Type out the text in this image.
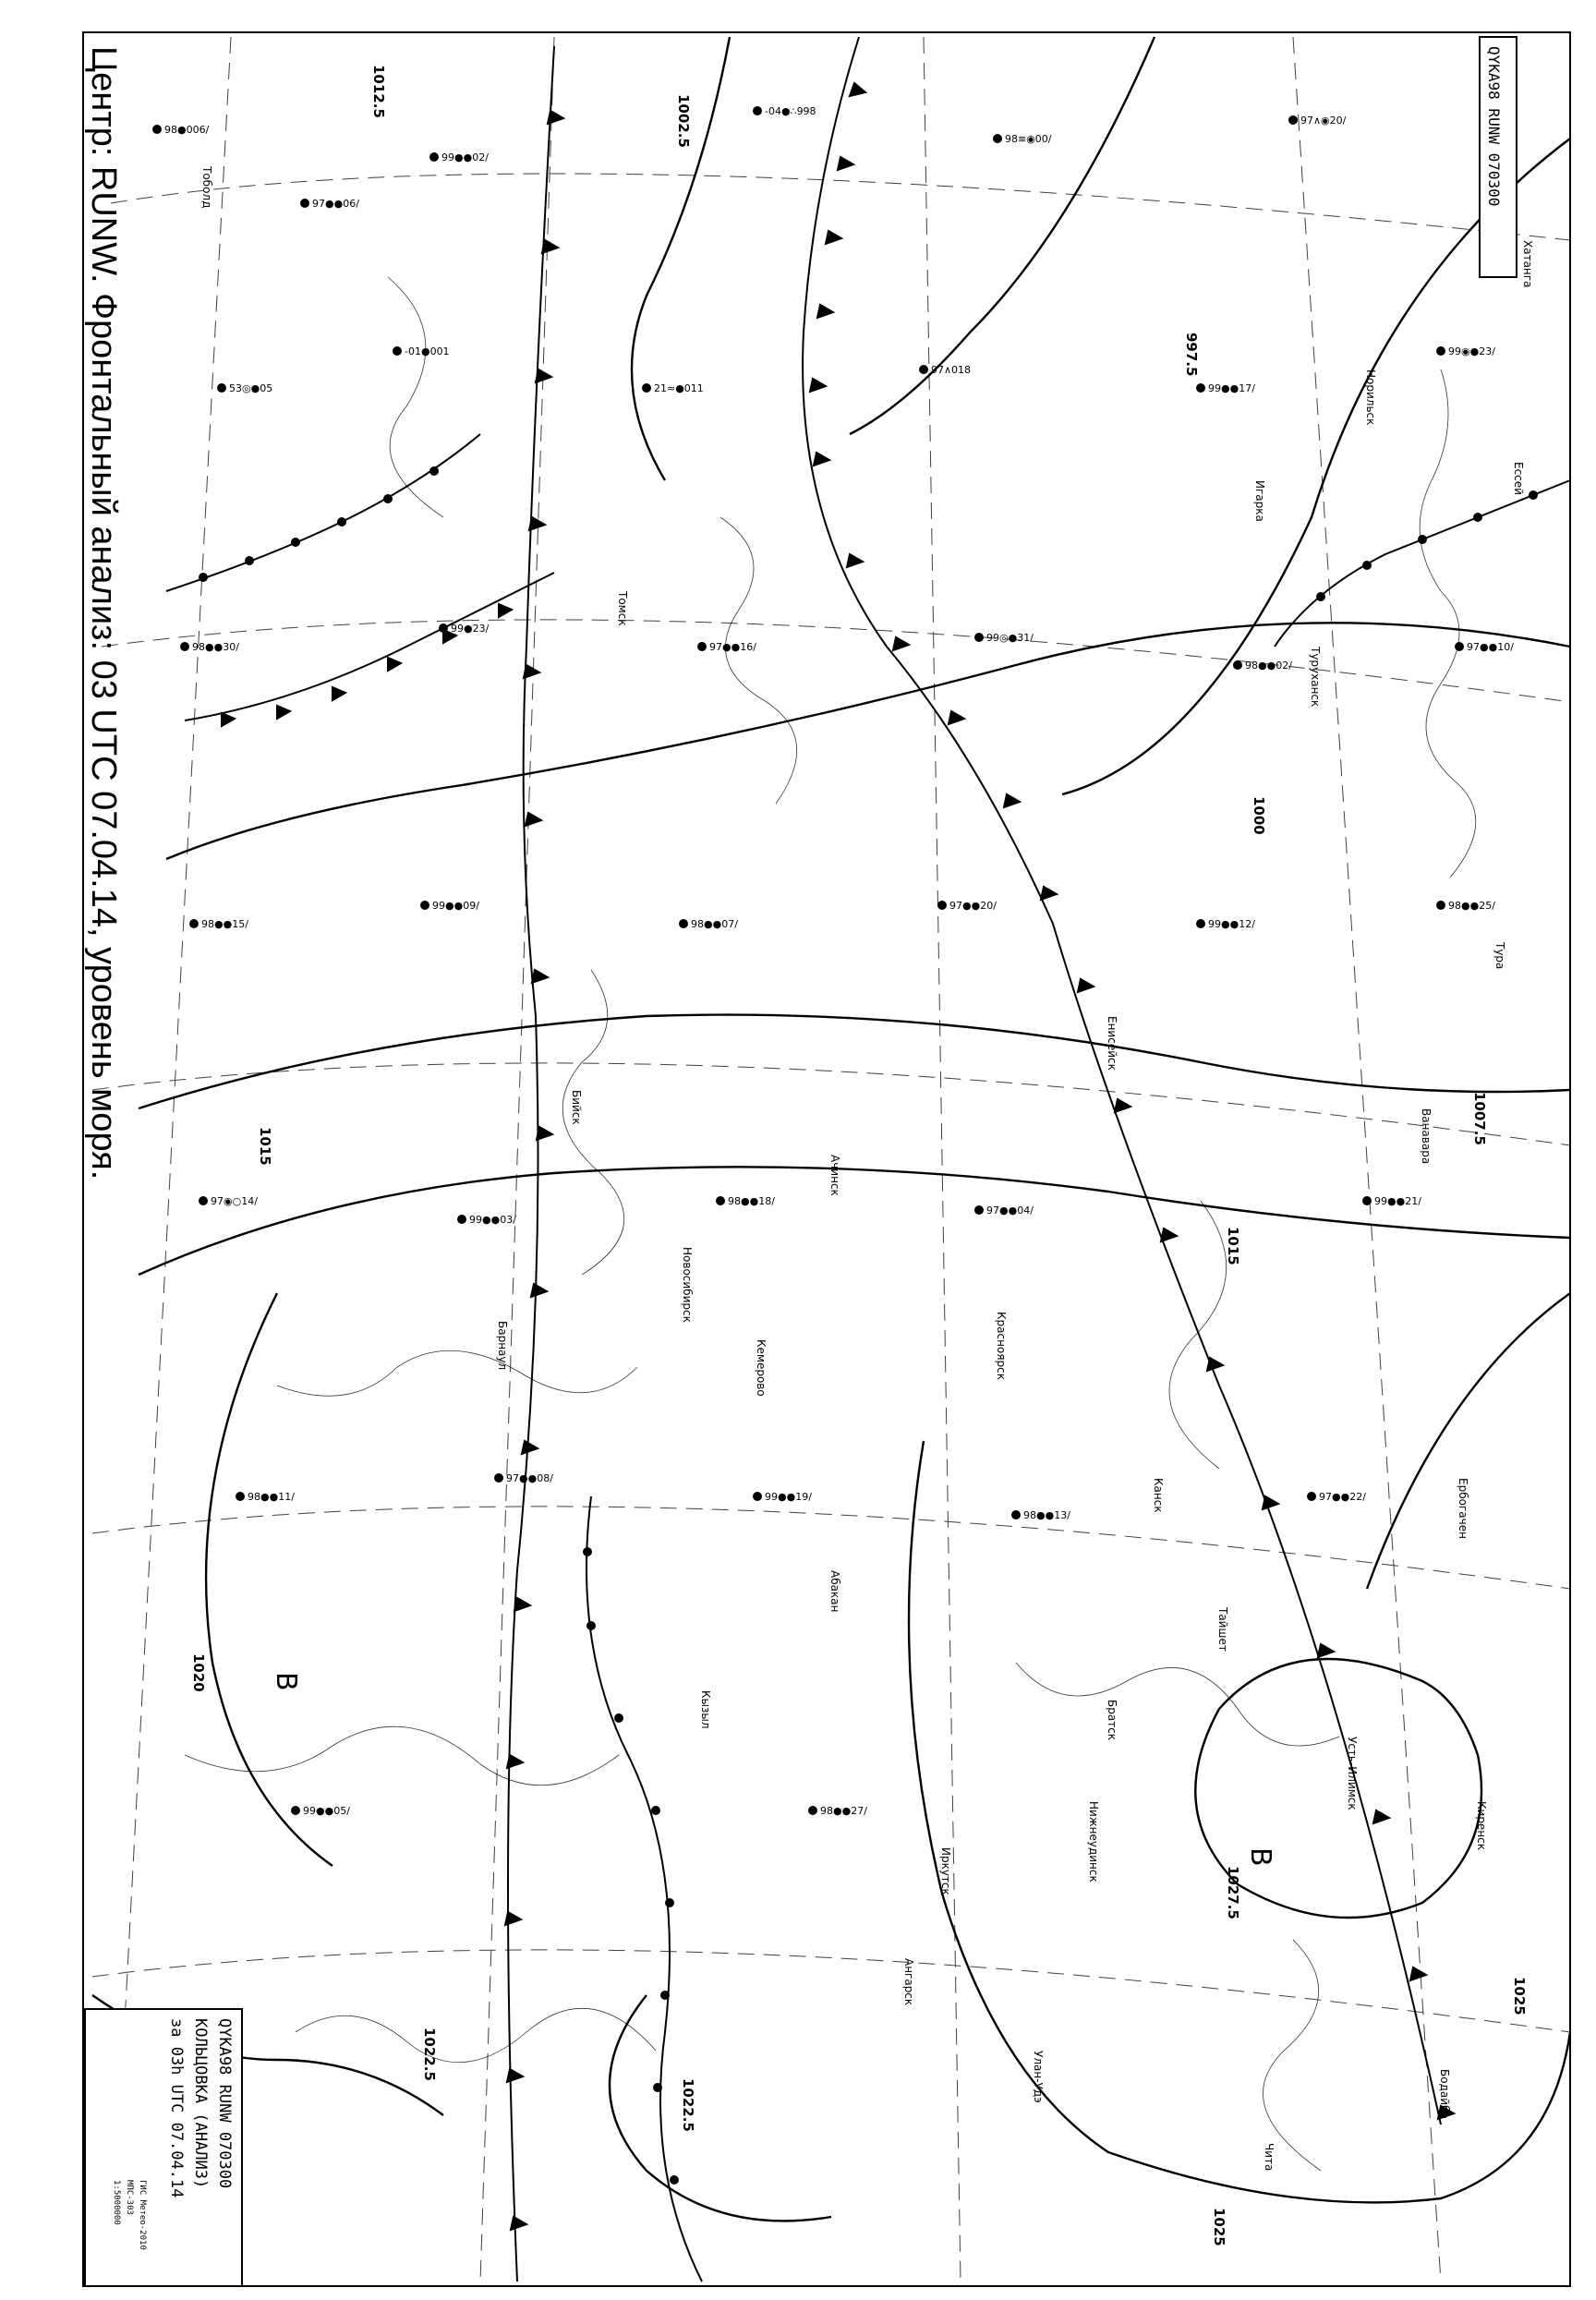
1002.5
997.5
1000
1007.5
1015
1015
1020
1022.5
1025
1027.5
1012.5
1025
1022.5
В
В
98●006/
97●●06/
99●●02/
-04●∴998
98≡◉00/
97∧◉20/
53◎●05
-01●001
21≈●011
97∧018
99●●17/
99◉●23/
98●●30/
99●23/
97●●16/
99◎●31/
98●●02/
97●●10/
98●●15/
99●●09/
98●●07/
97●●20/
99●●12/
98●●25/
97◉○14/
99●●03/
98●●18/
97●●04/
99●●21/
98●●11/
97●●08/
99●●19/
98●●13/
97●●22/
99●●05/	98●●27/
Тоболд
Томск
Новосибирск
Бийск
Кемерово
Барнаул
Кызыл
Абакан
Красноярск
Иркутск
Улан-Удэ
Чита
Братск
Ангарск
Енисейск
Ачинск
Канск
Туруханск
Нижнеудинск
Тайшет
Усть-Илимск
Бодайбо
Киренск
Ербогачен
Ванавара
Тура
Ессей
Хатанга
Игарка
Норильск
Центр: RUNW. Фронтальный анализ: 03 UTC 07.04.14, уровень моря.	QYKA98 RUNW 070300
QYKA98 RUNW 070300
КОЛЬЦОВКА (АНАЛИЗ)
за 03h UTC 07.04.14
ГИС Метео-2010
МПС-303
1:5000000
